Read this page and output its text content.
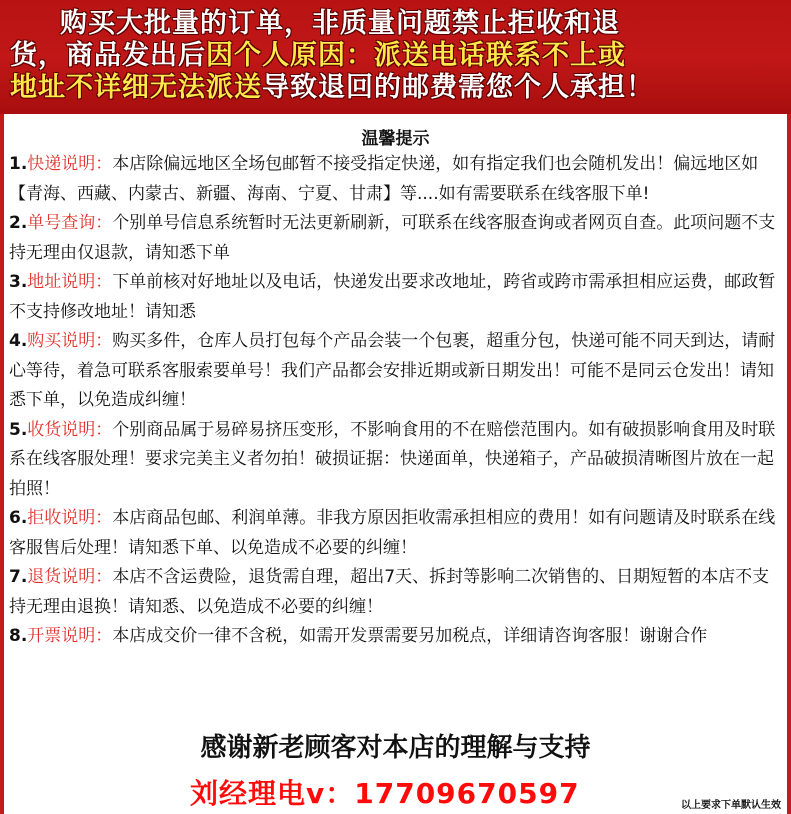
购买大批量的订单，非质量问题禁止拒收和退
货，商品发出后因个人原因：派送电话联系不上或
地址不详细无法派送导致退回的邮费需您个人承担！
温馨提示

1.快递说明：本店除偏远地区全场包邮暂不接受指定快递，如有指定我们也会随机发出！偏远地区如【青海、西藏、内蒙古、新疆、海南、宁夏、甘肃】等....如有需要联系在线客服下单!

2.单号查询：个别单号信息系统暂时无法更新刷新，可联系在线客服查询或者网页自查。此项问题不支持无理由仅退款，请知悉下单

3.地址说明：下单前核对好地址以及电话，快递发出要求改地址，跨省或跨市需承担相应运费，邮政暂不支持修改地址！请知悉

4.购买说明：购买多件，仓库人员打包每个产品会装一个包裹，超重分包，快递可能不同天到达，请耐心等待，着急可联系客服索要单号！我们产品都会安排近期或新日期发出！可能不是同云仓发出！请知悉下单，以免造成纠缠！

5.收货说明：个别商品属于易碎易挤压变形，不影响食用的不在赔偿范围内。如有破损影响食用及时联系在线客服处理！要求完美主义者勿拍！破损证据：快递面单，快递箱子，产品破损清晰图片放在一起拍照！

6.拒收说明：本店商品包邮、利润单薄。非我方原因拒收需承担相应的费用！如有问题请及时联系在线客服售后处理！请知悉下单、以免造成不必要的纠缠！

7.退货说明：本店不含运费险，退货需自理，超出7天、拆封等影响二次销售的、日期短暂的本店不支持无理由退换！请知悉、以免造成不必要的纠缠！

8.开票说明：本店成交价一律不含税，如需开发票需要另加税点，详细请咨询客服！谢谢合作

感谢新老顾客对本店的理解与支持
刘经理电v：17709670597	以上要求下单默认生效
